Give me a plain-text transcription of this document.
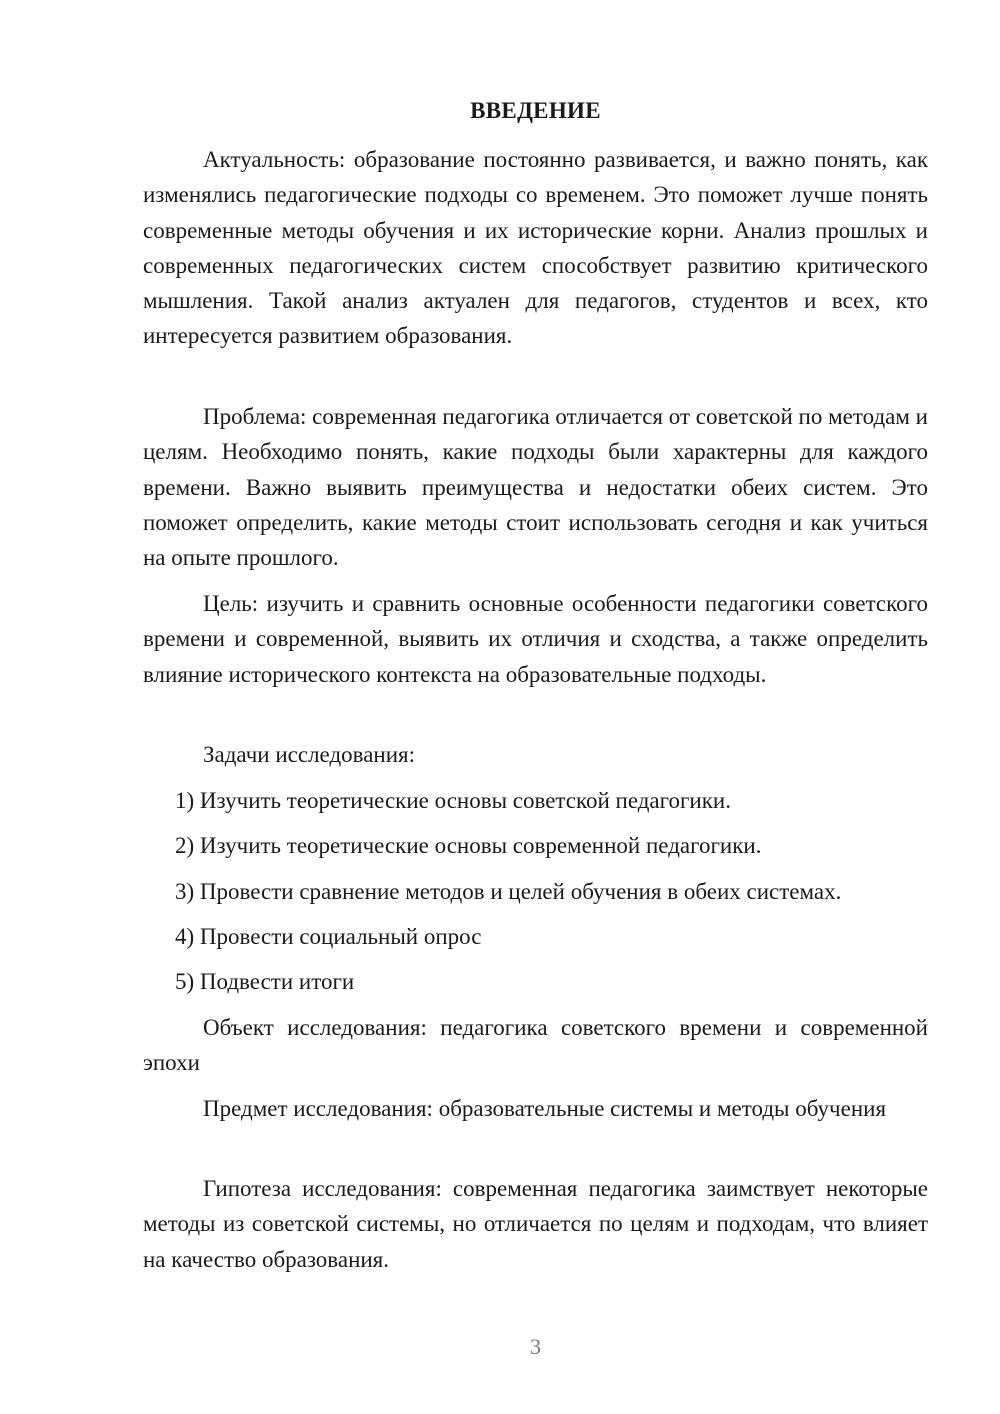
ВВЕДЕНИЕ

Актуальность: образование постоянно развивается, и важно понять, как изменялись педагогические подходы со временем. Это поможет лучше понять современные методы обучения и их исторические корни. Анализ прошлых и современных педагогических систем способствует развитию критического мышления. Такой анализ актуален для педагогов, студентов и всех, кто интересуется развитием образования.

Проблема: современная педагогика отличается от советской по методам и целям. Необходимо понять, какие подходы были характерны для каждого времени. Важно выявить преимущества и недостатки обеих систем. Это поможет определить, какие методы стоит использовать сегодня и как учиться на опыте прошлого.

Цель: изучить и сравнить основные особенности педагогики советского времени и современной, выявить их отличия и сходства, а также определить влияние исторического контекста на образовательные подходы.

Задачи исследования:

1) Изучить теоретические основы советской педагогики.

2) Изучить теоретические основы современной педагогики.

3) Провести сравнение методов и целей обучения в обеих системах.

4) Провести социальный опрос

5) Подвести итоги

Объект исследования: педагогика советского времени и современной эпохи

Предмет исследования: образовательные системы и методы обучения

Гипотеза исследования: современная педагогика заимствует некоторые методы из советской системы, но отличается по целям и подходам, что влияет на качество образования.

3
